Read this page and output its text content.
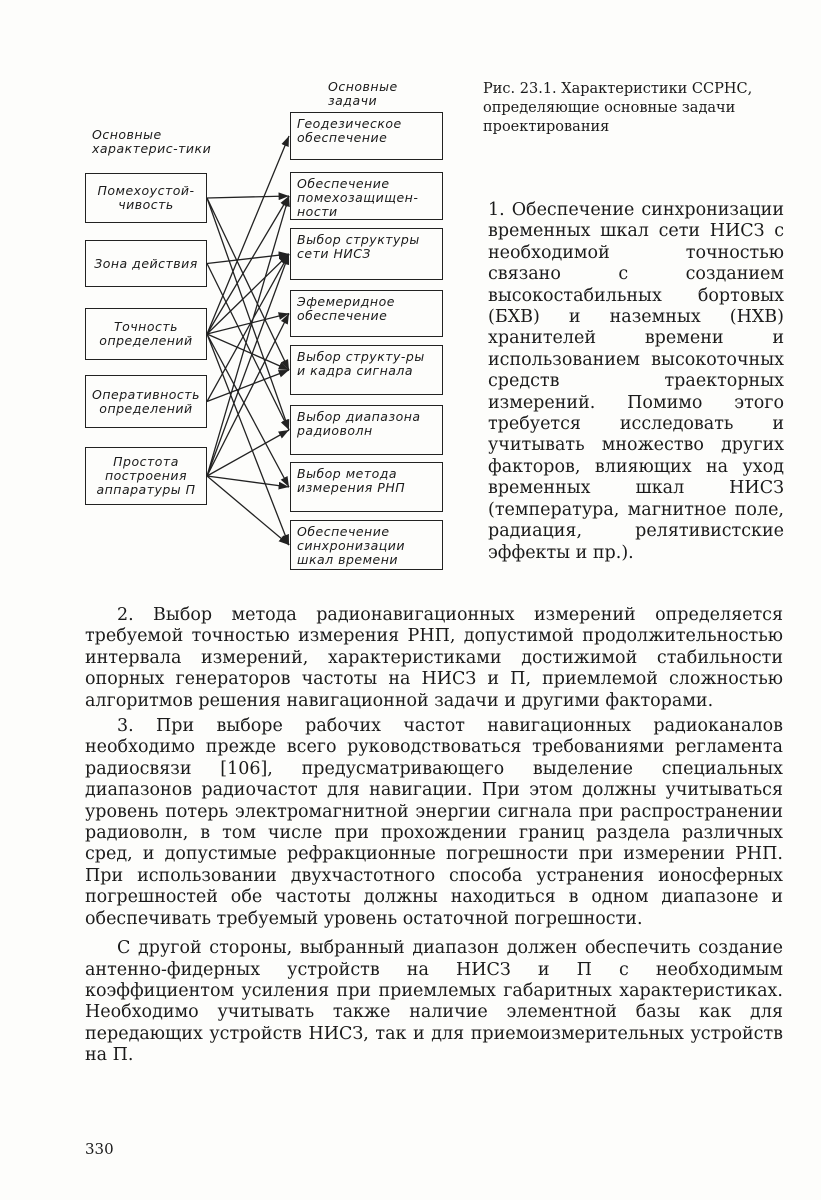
Основные характерис-тики
Основные задачи
Помехоустой-чивость
Зона действия
Точность определений
Оперативность определений
Простота построения аппаратуры П
Геодезическое обеспечение
Обеспечение помехозащищен-ности
Выбор структуры сети НИСЗ
Эфемеридное обеспечение
Выбор структу-ры и кадра сигнала
Выбор диапазона радиоволн
Выбор метода измерения РНП
Обеспечение синхронизации шкал времени
Рис. 23.1. Характеристики ССРНС, определяющие основные задачи проектирования
1. Обеспечение синхронизации временных шкал сети НИСЗ с необходимой точностью связано с созданием высокостабильных бортовых (БХВ) и наземных (НХВ) хранителей времени и использованием высокоточных средств траекторных измерений. Помимо этого требуется исследовать и учитывать множество других факторов, влияющих на уход временных шкал НИСЗ (температура, магнитное поле, радиация, релятивистские эффекты и пр.).

2. Выбор метода радионавигационных измерений определяется требуемой точностью измерения РНП, допустимой продолжительностью интервала измерений, характеристиками достижимой стабильности опорных генераторов частоты на НИСЗ и П, приемлемой сложностью алгоритмов решения навигационной задачи и другими факторами.

3. При выборе рабочих частот навигационных радиоканалов необходимо прежде всего руководствоваться требованиями регламента радиосвязи [106], предусматривающего выделение специальных диапазонов радиочастот для навигации. При этом должны учитываться уровень потерь электромагнитной энергии сигнала при распространении радиоволн, в том числе при прохождении границ раздела различных сред, и допустимые рефракционные погрешности при измерении РНП. При использовании двухчастотного способа устранения ионосферных погрешностей обе частоты должны находиться в одном диапазоне и обеспечивать требуемый уровень остаточной погрешности.

С другой стороны, выбранный диапазон должен обеспечить создание антенно-фидерных устройств на НИСЗ и П с необходимым коэффициентом усиления при приемлемых габаритных характеристиках. Необходимо учитывать также наличие элементной базы как для передающих устройств НИСЗ, так и для приемоизмерительных устройств на П.

330
